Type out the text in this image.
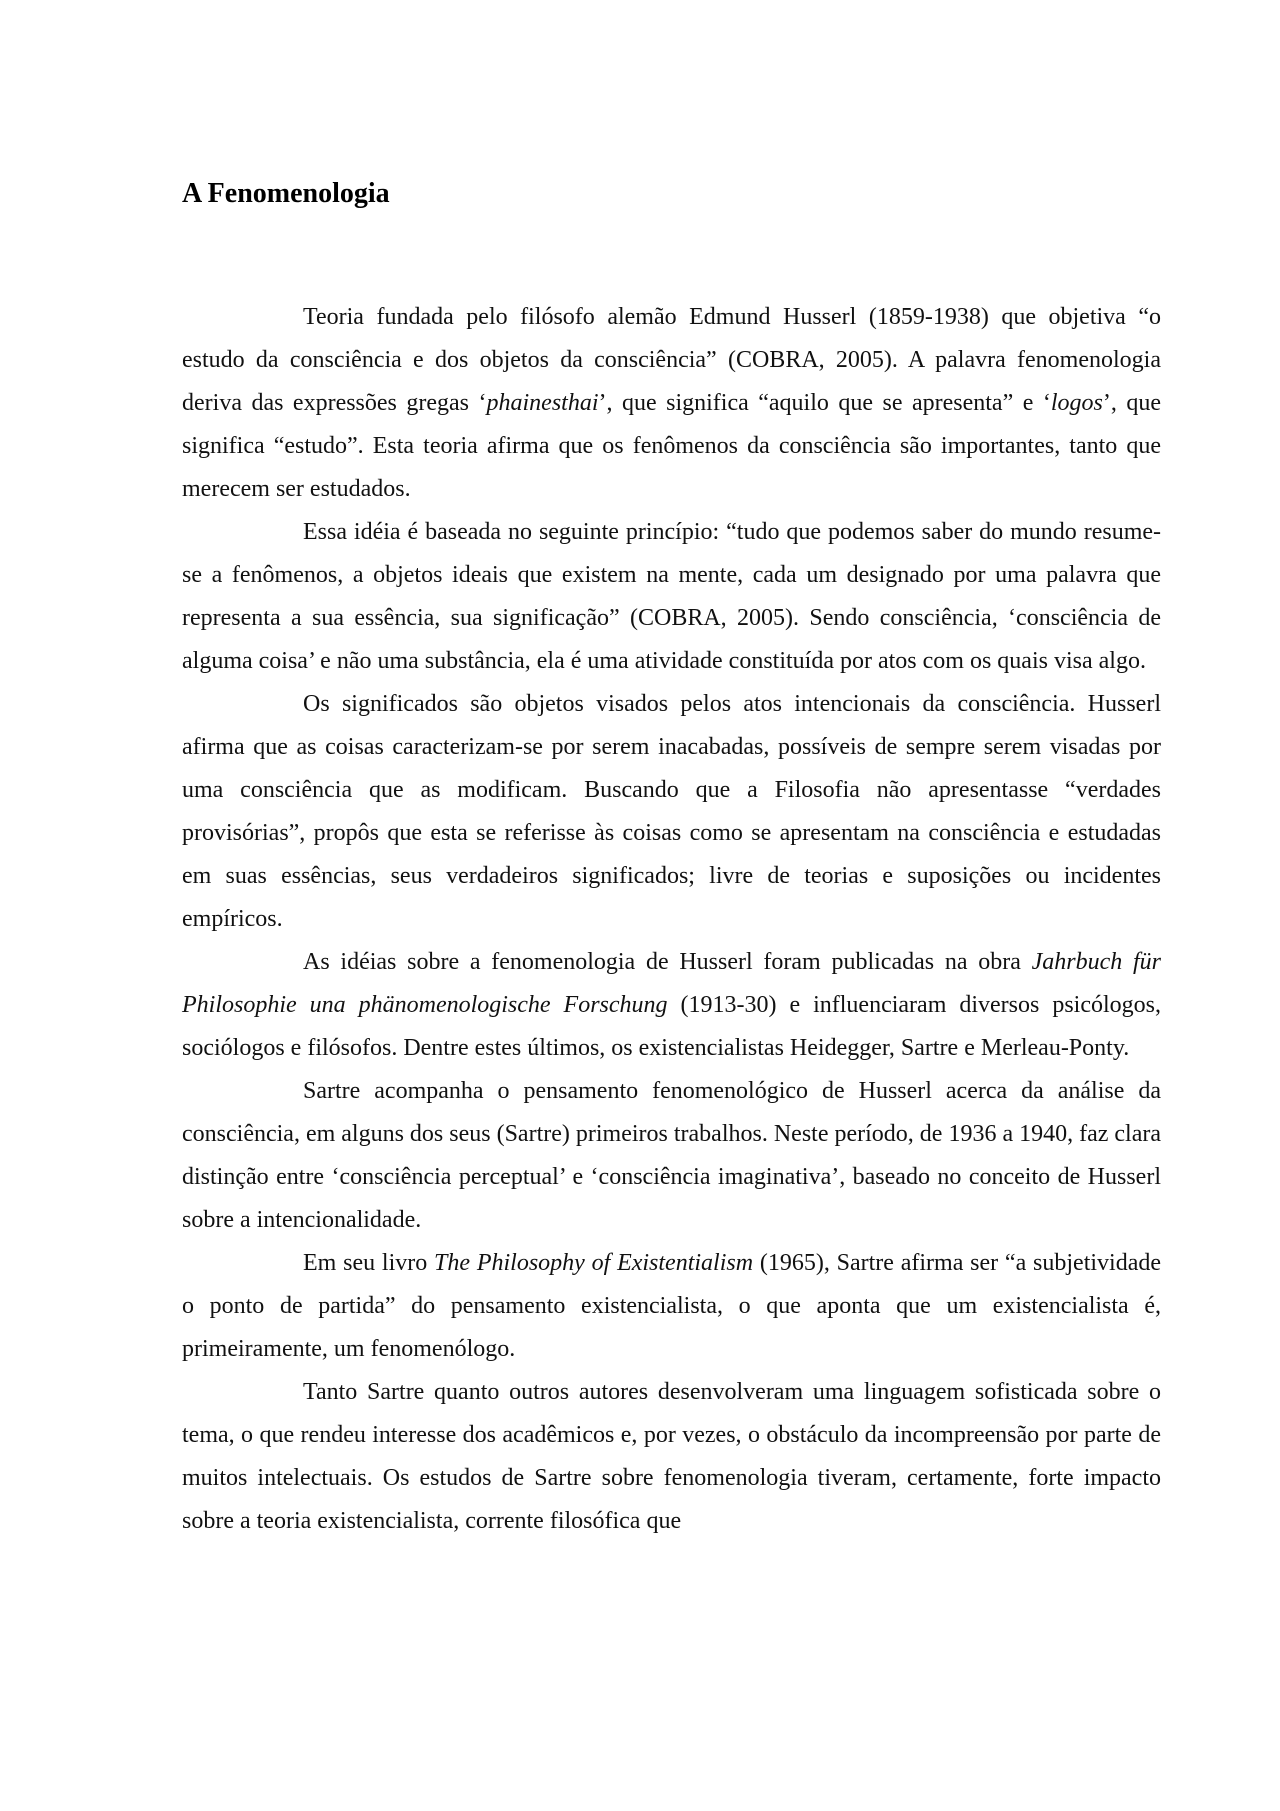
A Fenomenologia

Teoria fundada pelo filósofo alemão Edmund Husserl (1859-1938) que objetiva “o estudo da consciência e dos objetos da consciência” (COBRA, 2005). A palavra fenomenologia deriva das expressões gregas ‘phainesthai’, que significa “aquilo que se apresenta” e ‘logos’, que significa “estudo”. Esta teoria afirma que os fenômenos da consciência são importantes, tanto que merecem ser estudados.

Essa idéia é baseada no seguinte princípio: “tudo que podemos saber do mundo resume-se a fenômenos, a objetos ideais que existem na mente, cada um designado por uma palavra que representa a sua essência, sua significação” (COBRA, 2005). Sendo consciência, ‘consciência de alguma coisa’ e não uma substância, ela é uma atividade constituída por atos com os quais visa algo.

Os significados são objetos visados pelos atos intencionais da consciência. Husserl afirma que as coisas caracterizam-se por serem inacabadas, possíveis de sempre serem visadas por uma consciência que as modificam. Buscando que a Filosofia não apresentasse “verdades provisórias”, propôs que esta se referisse às coisas como se apresentam na consciência e estudadas em suas essências, seus verdadeiros significados; livre de teorias e suposições ou incidentes empíricos.

As idéias sobre a fenomenologia de Husserl foram publicadas na obra Jahrbuch für Philosophie una phänomenologische Forschung (1913-30) e influenciaram diversos psicólogos, sociólogos e filósofos. Dentre estes últimos, os existencialistas Heidegger, Sartre e Merleau-Ponty.

Sartre acompanha o pensamento fenomenológico de Husserl acerca da análise da consciência, em alguns dos seus (Sartre) primeiros trabalhos. Neste período, de 1936 a 1940, faz clara distinção entre ‘consciência perceptual’ e ‘consciência imaginativa’, baseado no conceito de Husserl sobre a intencionalidade.

Em seu livro The Philosophy of Existentialism (1965), Sartre afirma ser “a subjetividade o ponto de partida” do pensamento existencialista, o que aponta que um existencialista é, primeiramente, um fenomenólogo.

Tanto Sartre quanto outros autores desenvolveram uma linguagem sofisticada sobre o tema, o que rendeu interesse dos acadêmicos e, por vezes, o obstáculo da incompreensão por parte de muitos intelectuais. Os estudos de Sartre sobre fenomenologia tiveram, certamente, forte impacto sobre a teoria existencialista, corrente filosófica que
